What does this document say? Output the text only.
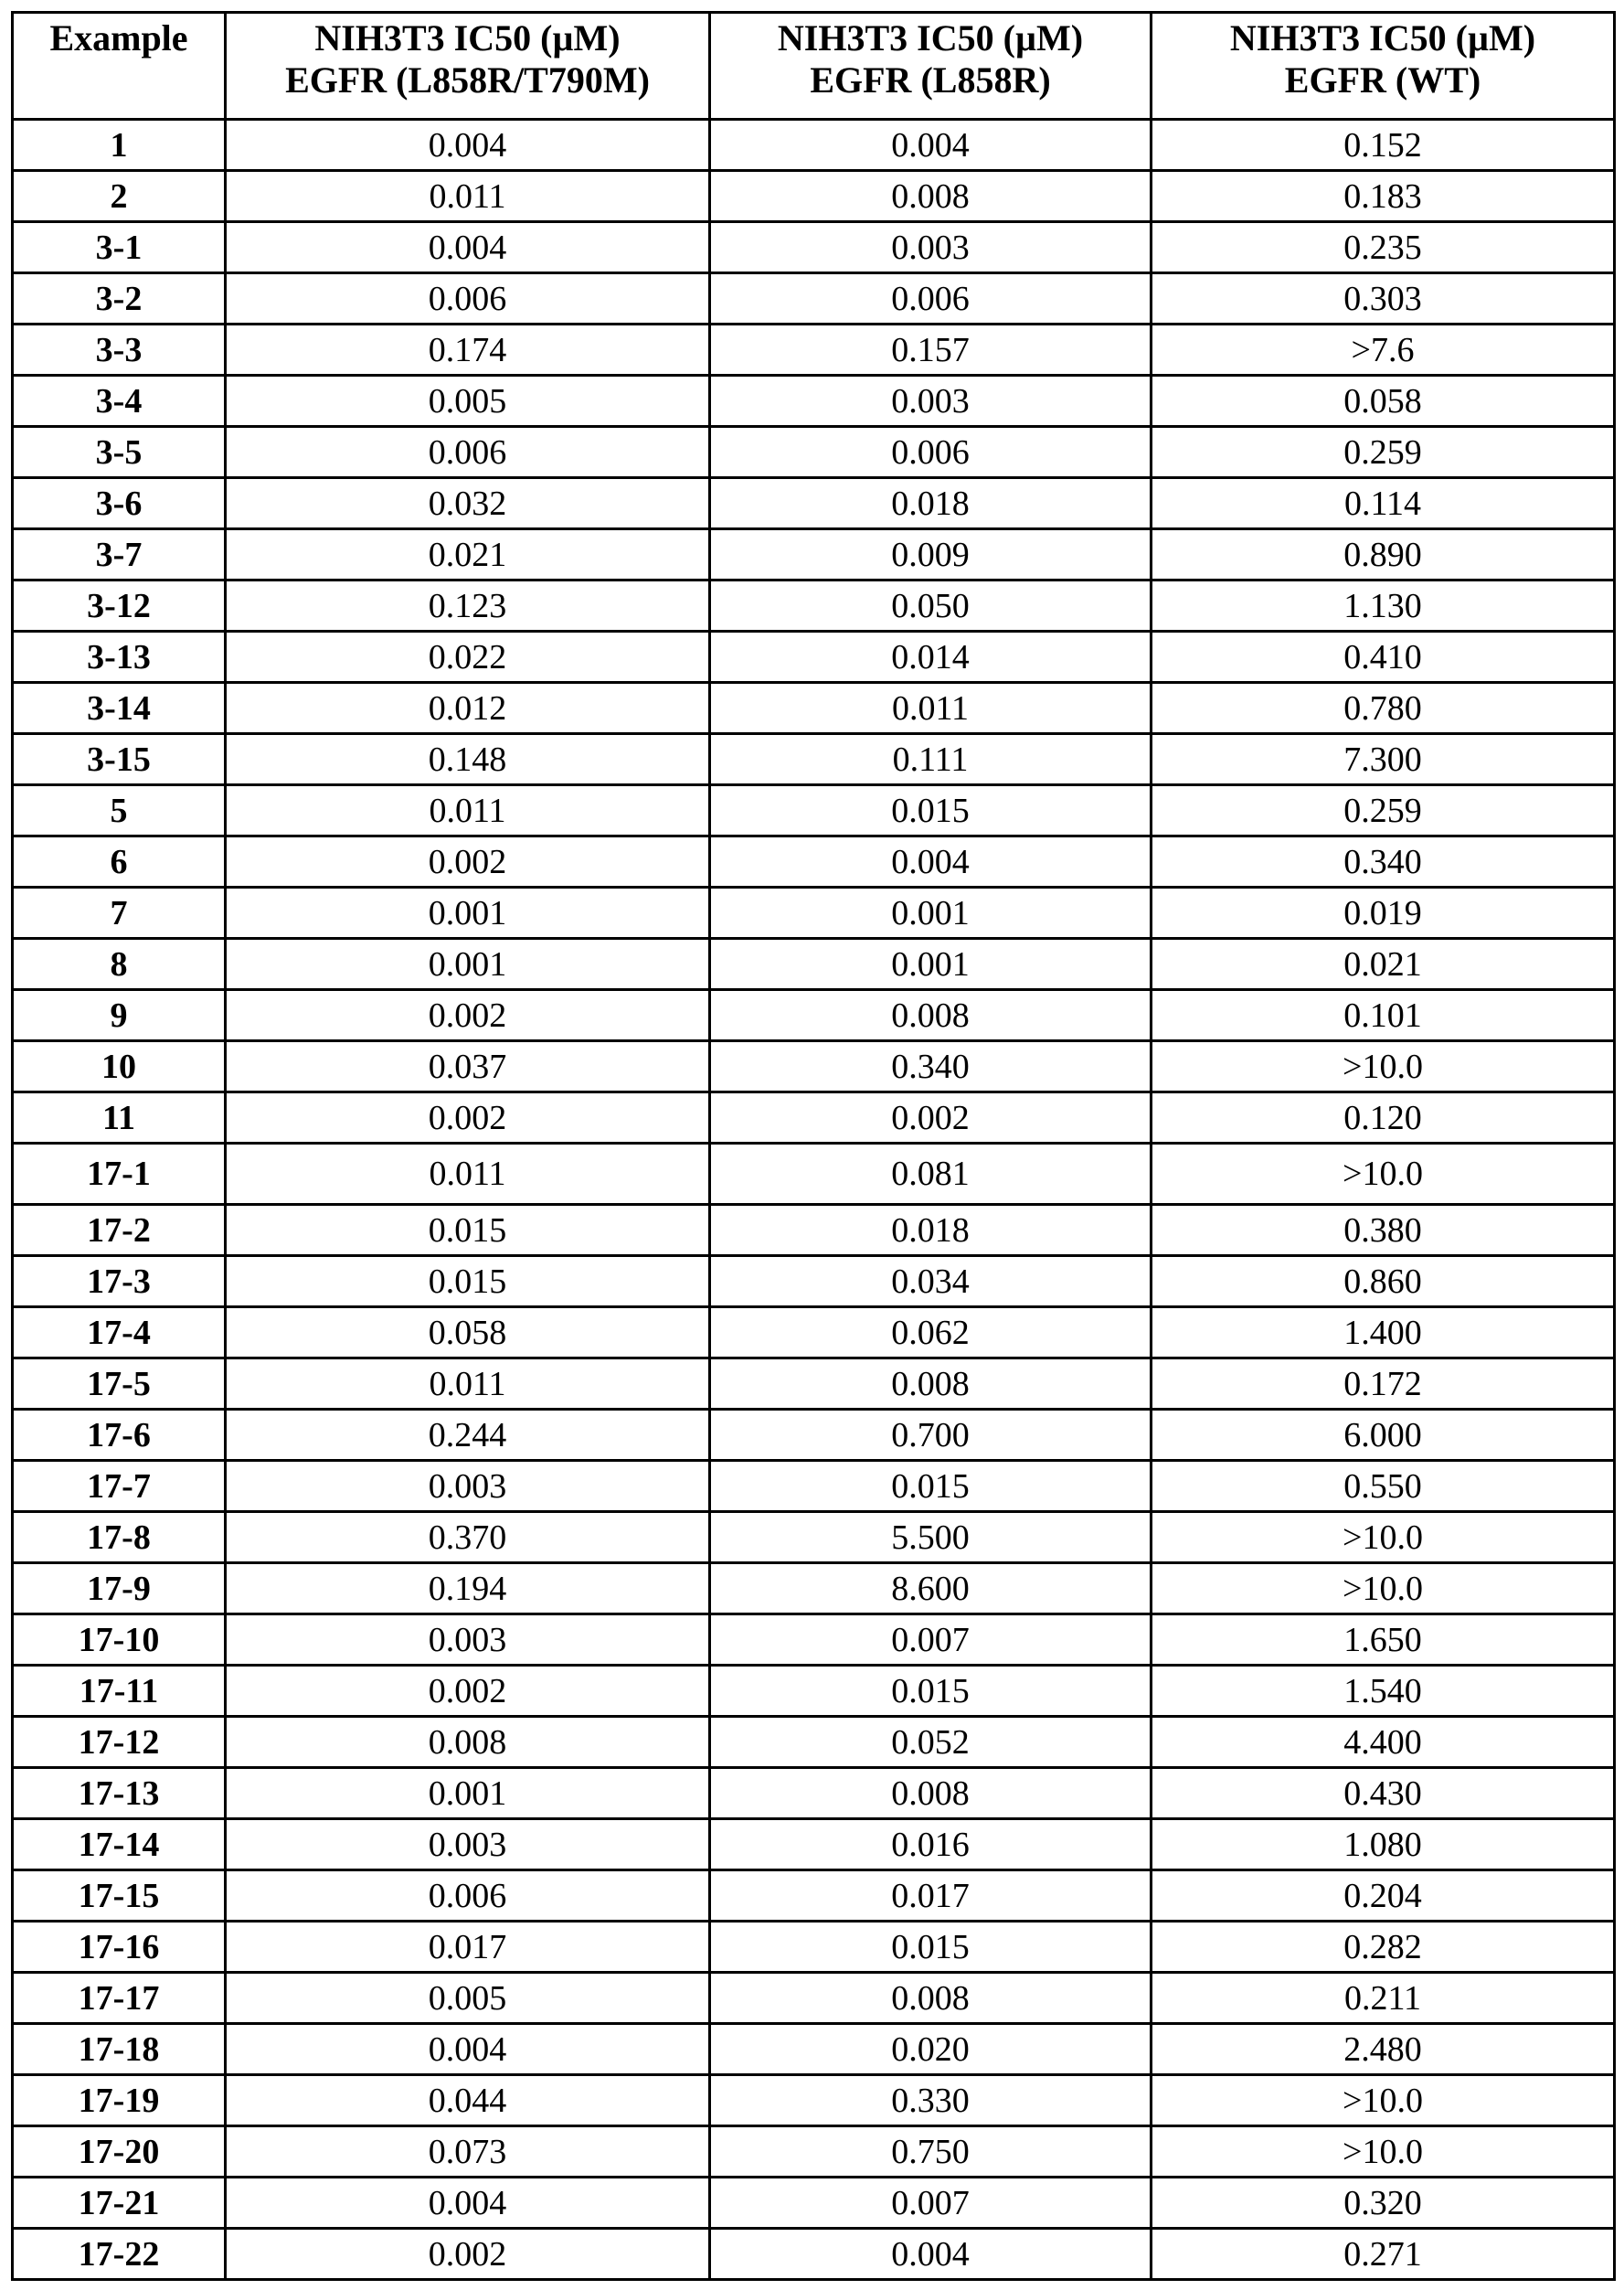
Example	NIH3T3 IC50 (µM)
EGFR (L858R/T790M)

NIH3T3 IC50 (µM)
EGFR (L858R)

NIH3T3 IC50 (µM)
EGFR (WT)

1	0.004	0.004	0.152
2	0.011	0.008	0.183
3-1	0.004	0.003	0.235
3-2	0.006	0.006	0.303
3-3	0.174	0.157	>7.6
3-4	0.005	0.003	0.058
3-5	0.006	0.006	0.259
3-6	0.032	0.018	0.114
3-7	0.021	0.009	0.890
3-12	0.123	0.050	1.130
3-13	0.022	0.014	0.410
3-14	0.012	0.011	0.780
3-15	0.148	0.111	7.300
5	0.011	0.015	0.259
6	0.002	0.004	0.340
7	0.001	0.001	0.019
8	0.001	0.001	0.021
9	0.002	0.008	0.101
10	0.037	0.340	>10.0
11	0.002	0.002	0.120
17-1	0.011	0.081	>10.0
17-2	0.015	0.018	0.380
17-3	0.015	0.034	0.860
17-4	0.058	0.062	1.400
17-5	0.011	0.008	0.172
17-6	0.244	0.700	6.000
17-7	0.003	0.015	0.550
17-8	0.370	5.500	>10.0
17-9	0.194	8.600	>10.0
17-10	0.003	0.007	1.650
17-11	0.002	0.015	1.540
17-12	0.008	0.052	4.400
17-13	0.001	0.008	0.430
17-14	0.003	0.016	1.080
17-15	0.006	0.017	0.204
17-16	0.017	0.015	0.282
17-17	0.005	0.008	0.211
17-18	0.004	0.020	2.480
17-19	0.044	0.330	>10.0
17-20	0.073	0.750	>10.0
17-21	0.004	0.007	0.320
17-22	0.002	0.004	0.271
